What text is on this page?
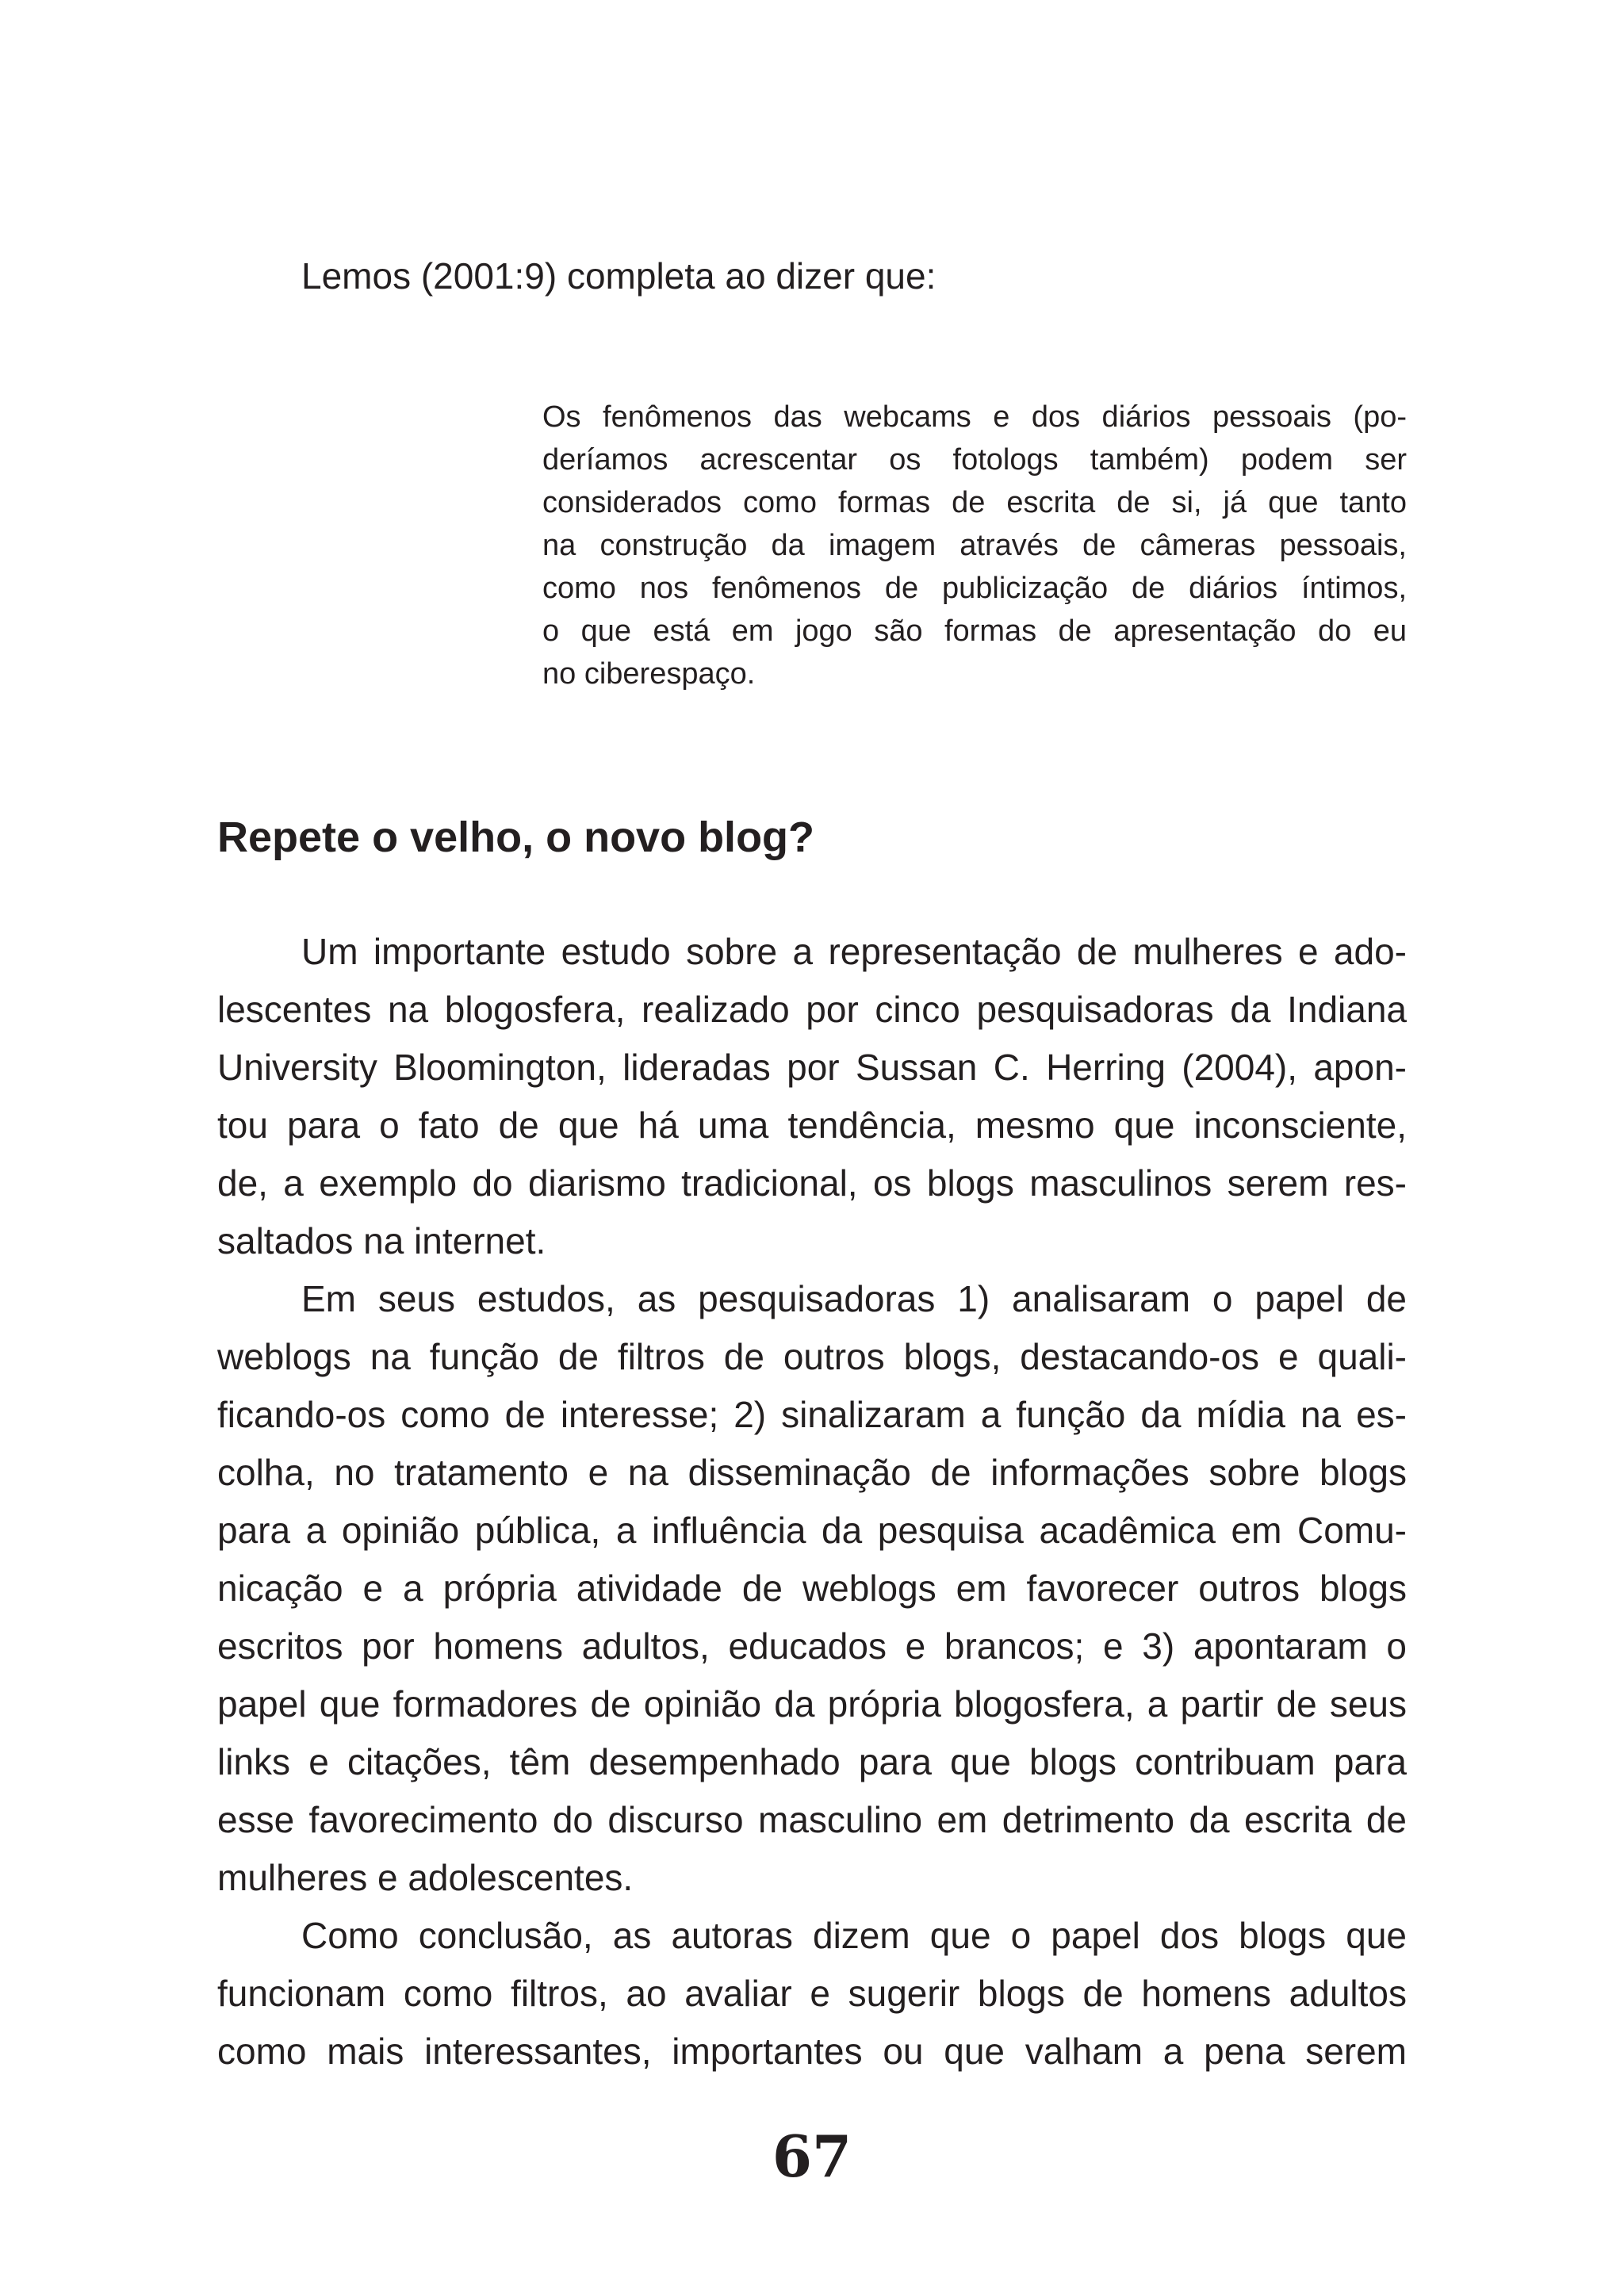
Lemos (2001:9) completa ao dizer que:
Os fenômenos das webcams e dos diários pessoais (po-
deríamos acrescentar os fotologs também) podem ser
considerados como formas de escrita de si, já que tanto
na construção da imagem através de câmeras pessoais,
como nos fenômenos de publicização de diários íntimos,
o que está em jogo são formas de apresentação do eu
no ciberespaço.
Repete o velho, o novo blog?
Um importante estudo sobre a representação de mulheres e ado-
lescentes na blogosfera, realizado por cinco pesquisadoras da Indiana
University Bloomington, lideradas por Sussan C. Herring (2004), apon-
tou para o fato de que há uma tendência, mesmo que inconsciente,
de, a exemplo do diarismo tradicional, os blogs masculinos serem res-
saltados na internet.
Em seus estudos, as pesquisadoras 1) analisaram o papel de
weblogs na função de filtros de outros blogs, destacando-os e quali-
ficando-os como de interesse; 2) sinalizaram a função da mídia na es-
colha, no tratamento e na disseminação de informações sobre blogs
para a opinião pública, a influência da pesquisa acadêmica em Comu-
nicação e a própria atividade de weblogs em favorecer outros blogs
escritos por homens adultos, educados e brancos; e 3) apontaram o
papel que formadores de opinião da própria blogosfera, a partir de seus
links e citações, têm desempenhado para que blogs contribuam para
esse favorecimento do discurso masculino em detrimento da escrita de
mulheres e adolescentes.
Como conclusão, as autoras dizem que o papel dos blogs que
funcionam como filtros, ao avaliar e sugerir blogs de homens adultos
como mais interessantes, importantes ou que valham a pena serem
67
